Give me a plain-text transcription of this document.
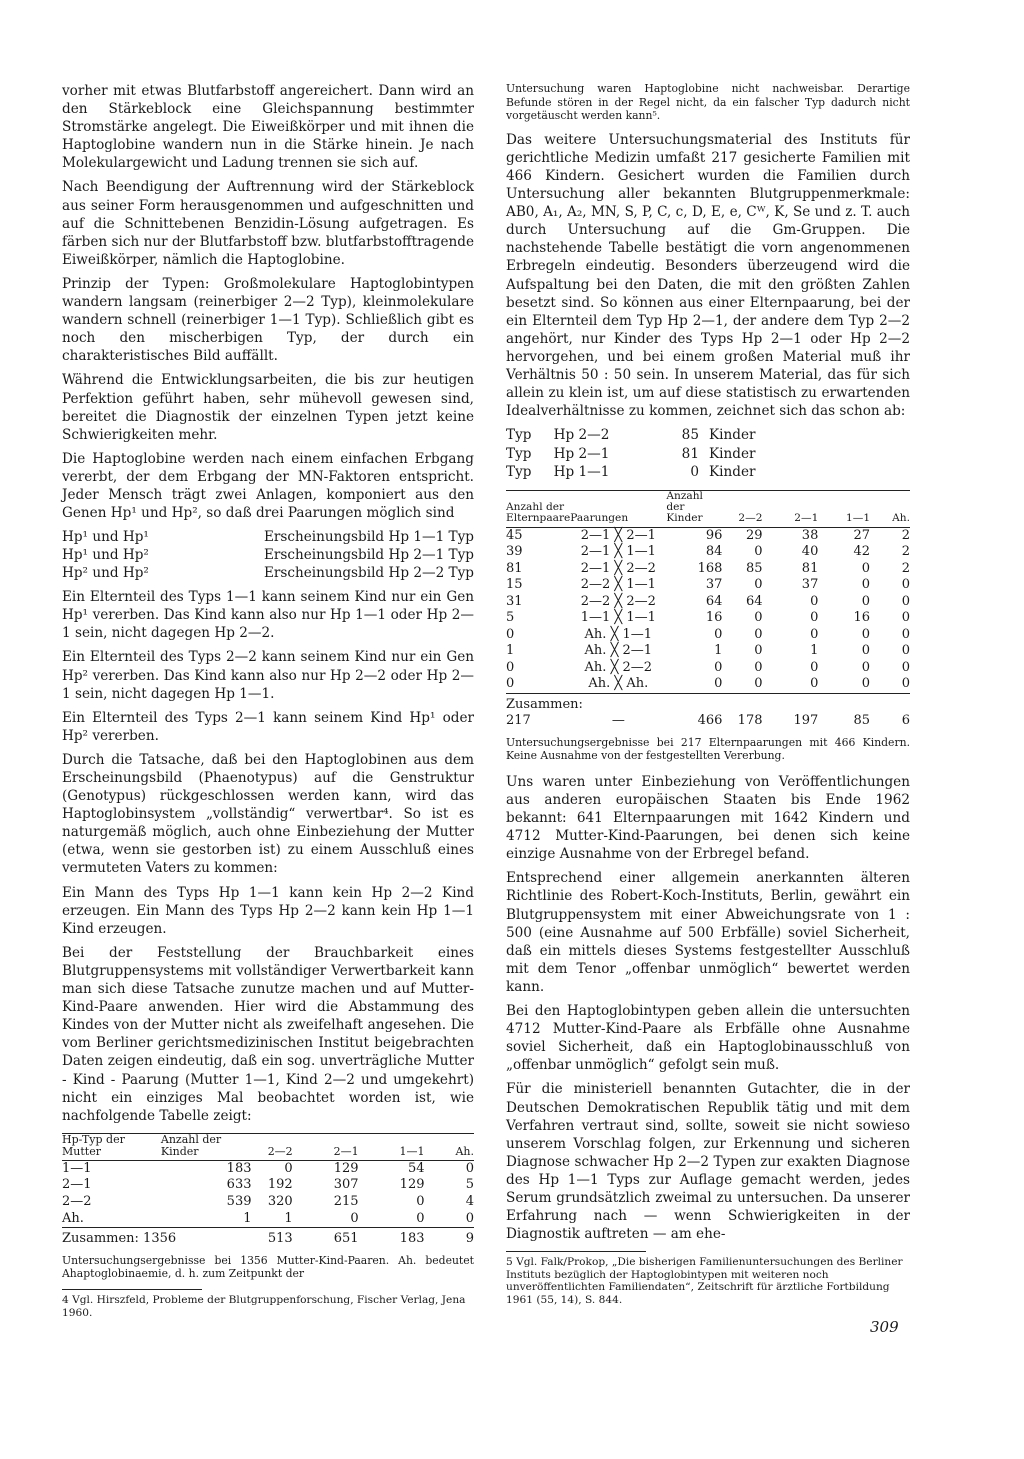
vorher mit etwas Blutfarbstoff angereichert. Dann wird an den Stärkeblock eine Gleichspannung bestimmter Stromstärke angelegt. Die Eiweißkörper und mit ihnen die Haptoglobine wandern nun in die Stärke hinein. Je nach Molekulargewicht und Ladung trennen sie sich auf.

Nach Beendigung der Auftrennung wird der Stärkeblock aus seiner Form herausgenommen und aufgeschnitten und auf die Schnittebenen Benzidin-Lösung aufgetragen. Es färben sich nur der Blutfarbstoff bzw. blutfarbstofftragende Eiweißkörper, nämlich die Haptoglobine.

Prinzip der Typen: Großmolekulare Haptoglobintypen wandern langsam (reinerbiger 2—2 Typ), kleinmolekulare wandern schnell (reinerbiger 1—1 Typ). Schließlich gibt es noch den mischerbigen Typ, der durch ein charakteristisches Bild auffällt.

Während die Entwicklungsarbeiten, die bis zur heutigen Perfektion geführt haben, sehr mühevoll gewesen sind, bereitet die Diagnostik der einzelnen Typen jetzt keine Schwierigkeiten mehr.

Die Haptoglobine werden nach einem einfachen Erbgang vererbt, der dem Erbgang der MN-Faktoren entspricht. Jeder Mensch trägt zwei Anlagen, komponiert aus den Genen Hp¹ und Hp², so daß drei Paarungen möglich sind

Hp¹ und Hp¹	Erscheinungsbild Hp 1—1 Typ
Hp¹ und Hp²	Erscheinungsbild Hp 2—1 Typ
Hp² und Hp²	Erscheinungsbild Hp 2—2 Typ

Ein Elternteil des Typs 1—1 kann seinem Kind nur ein Gen Hp¹ vererben. Das Kind kann also nur Hp 1—1 oder Hp 2—1 sein, nicht dagegen Hp 2—2.

Ein Elternteil des Typs 2—2 kann seinem Kind nur ein Gen Hp² vererben. Das Kind kann also nur Hp 2—2 oder Hp 2—1 sein, nicht dagegen Hp 1—1.

Ein Elternteil des Typs 2—1 kann seinem Kind Hp¹ oder Hp² vererben.

Durch die Tatsache, daß bei den Haptoglobinen aus dem Erscheinungsbild (Phaenotypus) auf die Genstruktur (Genotypus) rückgeschlossen werden kann, wird das Haptoglobinsystem „vollständig“ verwertbar⁴. So ist es naturgemäß möglich, auch ohne Einbeziehung der Mutter (etwa, wenn sie gestorben ist) zu einem Ausschluß eines vermuteten Vaters zu kommen:

Ein Mann des Typs Hp 1—1 kann kein Hp 2—2 Kind erzeugen. Ein Mann des Typs Hp 2—2 kann kein Hp 1—1 Kind erzeugen.

Bei der Feststellung der Brauchbarkeit eines Blutgruppensystems mit vollständiger Verwertbarkeit kann man sich diese Tatsache zunutze machen und auf Mutter-Kind-Paare anwenden. Hier wird die Abstammung des Kindes von der Mutter nicht als zweifelhaft angesehen. Die vom Berliner gerichtsmedizinischen Institut beigebrachten Daten zeigen eindeutig, daß ein sog. unverträgliche Mutter - Kind - Paarung (Mutter 1—1, Kind 2—2 und umgekehrt) nicht ein einziges Mal beobachtet worden ist, wie nachfolgende Tabelle zeigt:

Hp-Typ der Mutter	Anzahl der Kinder	2—2	2—1	1—1	Ah.
1—1	183	0	129	54	0
2—1	633	192	307	129	5
2—2	539	320	215	0	4
Ah.	1	1	0	0	0
Zusammen: 1356		513	651	183	9

Untersuchungsergebnisse bei 1356 Mutter-Kind-Paaren. Ah. bedeutet Ahaptoglobinaemie, d. h. zum Zeitpunkt der

4 Vgl. Hirszfeld, Probleme der Blutgruppenforschung, Fischer Verlag, Jena 1960.

Untersuchung waren Haptoglobine nicht nachweisbar. Derartige Befunde stören in der Regel nicht, da ein falscher Typ dadurch nicht vorgetäuscht werden kann⁵.

Das weitere Untersuchungsmaterial des Instituts für gerichtliche Medizin umfaßt 217 gesicherte Familien mit 466 Kindern. Gesichert wurden die Familien durch Untersuchung aller bekannten Blutgruppenmerkmale: AB0, A₁, A₂, MN, S, P, C, c, D, E, e, Cᵂ, K, Se und z. T. auch durch Untersuchung auf die Gm-Gruppen. Die nachstehende Tabelle bestätigt die vorn angenommenen Erbregeln eindeutig. Besonders überzeugend wird die Aufspaltung bei den Daten, die mit den größten Zahlen besetzt sind. So können aus einer Elternpaarung, bei der ein Elternteil dem Typ Hp 2—1, der andere dem Typ 2—2 angehört, nur Kinder des Typs Hp 2—1 oder Hp 2—2 hervorgehen, und bei einem großen Material muß ihr Verhältnis 50 : 50 sein. In unserem Material, das für sich allein zu klein ist, um auf diese statistisch zu erwartenden Idealverhältnisse zu kommen, zeichnet sich das schon ab:

Typ	Hp 2—2	85	Kinder
Typ	Hp 2—1	81	Kinder
Typ	Hp 1—1	0	Kinder
Anzahl der Elternpaare	Paarungen	Anzahl der Kinder	2—2	2—1	1—1	Ah.
45	2—1 ╳ 2—1	96	29	38	27	2
39	2—1 ╳ 1—1	84	0	40	42	2
81	2—1 ╳ 2—2	168	85	81	0	2
15	2—2 ╳ 1—1	37	0	37	0	0
31	2—2 ╳ 2—2	64	64	0	0	0
5	1—1 ╳ 1—1	16	0	0	16	0
0	Ah. ╳ 1—1	0	0	0	0	0
1	Ah. ╳ 2—1	1	0	1	0	0
0	Ah. ╳ 2—2	0	0	0	0	0
0	Ah. ╳ Ah.	0	0	0	0	0
Zusammen:						
217	—	466	178	197	85	6

Untersuchungsergebnisse bei 217 Elternpaarungen mit 466 Kindern. Keine Ausnahme von der festgestellten Vererbung.

Uns waren unter Einbeziehung von Veröffentlichungen aus anderen europäischen Staaten bis Ende 1962 bekannt: 641 Elternpaarungen mit 1642 Kindern und 4712 Mutter-Kind-Paarungen, bei denen sich keine einzige Ausnahme von der Erbregel befand.

Entsprechend einer allgemein anerkannten älteren Richtlinie des Robert-Koch-Instituts, Berlin, gewährt ein Blutgruppensystem mit einer Abweichungsrate von 1 : 500 (eine Ausnahme auf 500 Erbfälle) soviel Sicherheit, daß ein mittels dieses Systems festgestellter Ausschluß mit dem Tenor „offenbar unmöglich“ bewertet werden kann.

Bei den Haptoglobintypen geben allein die untersuchten 4712 Mutter-Kind-Paare als Erbfälle ohne Ausnahme soviel Sicherheit, daß ein Haptoglobinausschluß von „offenbar unmöglich“ gefolgt sein muß.

Für die ministeriell benannten Gutachter, die in der Deutschen Demokratischen Republik tätig und mit dem Verfahren vertraut sind, sollte, soweit sie nicht sowieso unserem Vorschlag folgen, zur Erkennung und sicheren Diagnose schwacher Hp 2—2 Typen zur exakten Diagnose des Hp 1—1 Typs zur Auflage gemacht werden, jedes Serum grundsätzlich zweimal zu untersuchen. Da unserer Erfahrung nach — wenn Schwierigkeiten in der Diagnostik auftreten — am ehe-

5 Vgl. Falk/Prokop, „Die bisherigen Familienuntersuchungen des Berliner Instituts bezüglich der Haptoglobintypen mit weiteren noch unveröffentlichten Familiendaten“, Zeitschrift für ärztliche Fortbildung 1961 (55, 14), S. 844.

309
